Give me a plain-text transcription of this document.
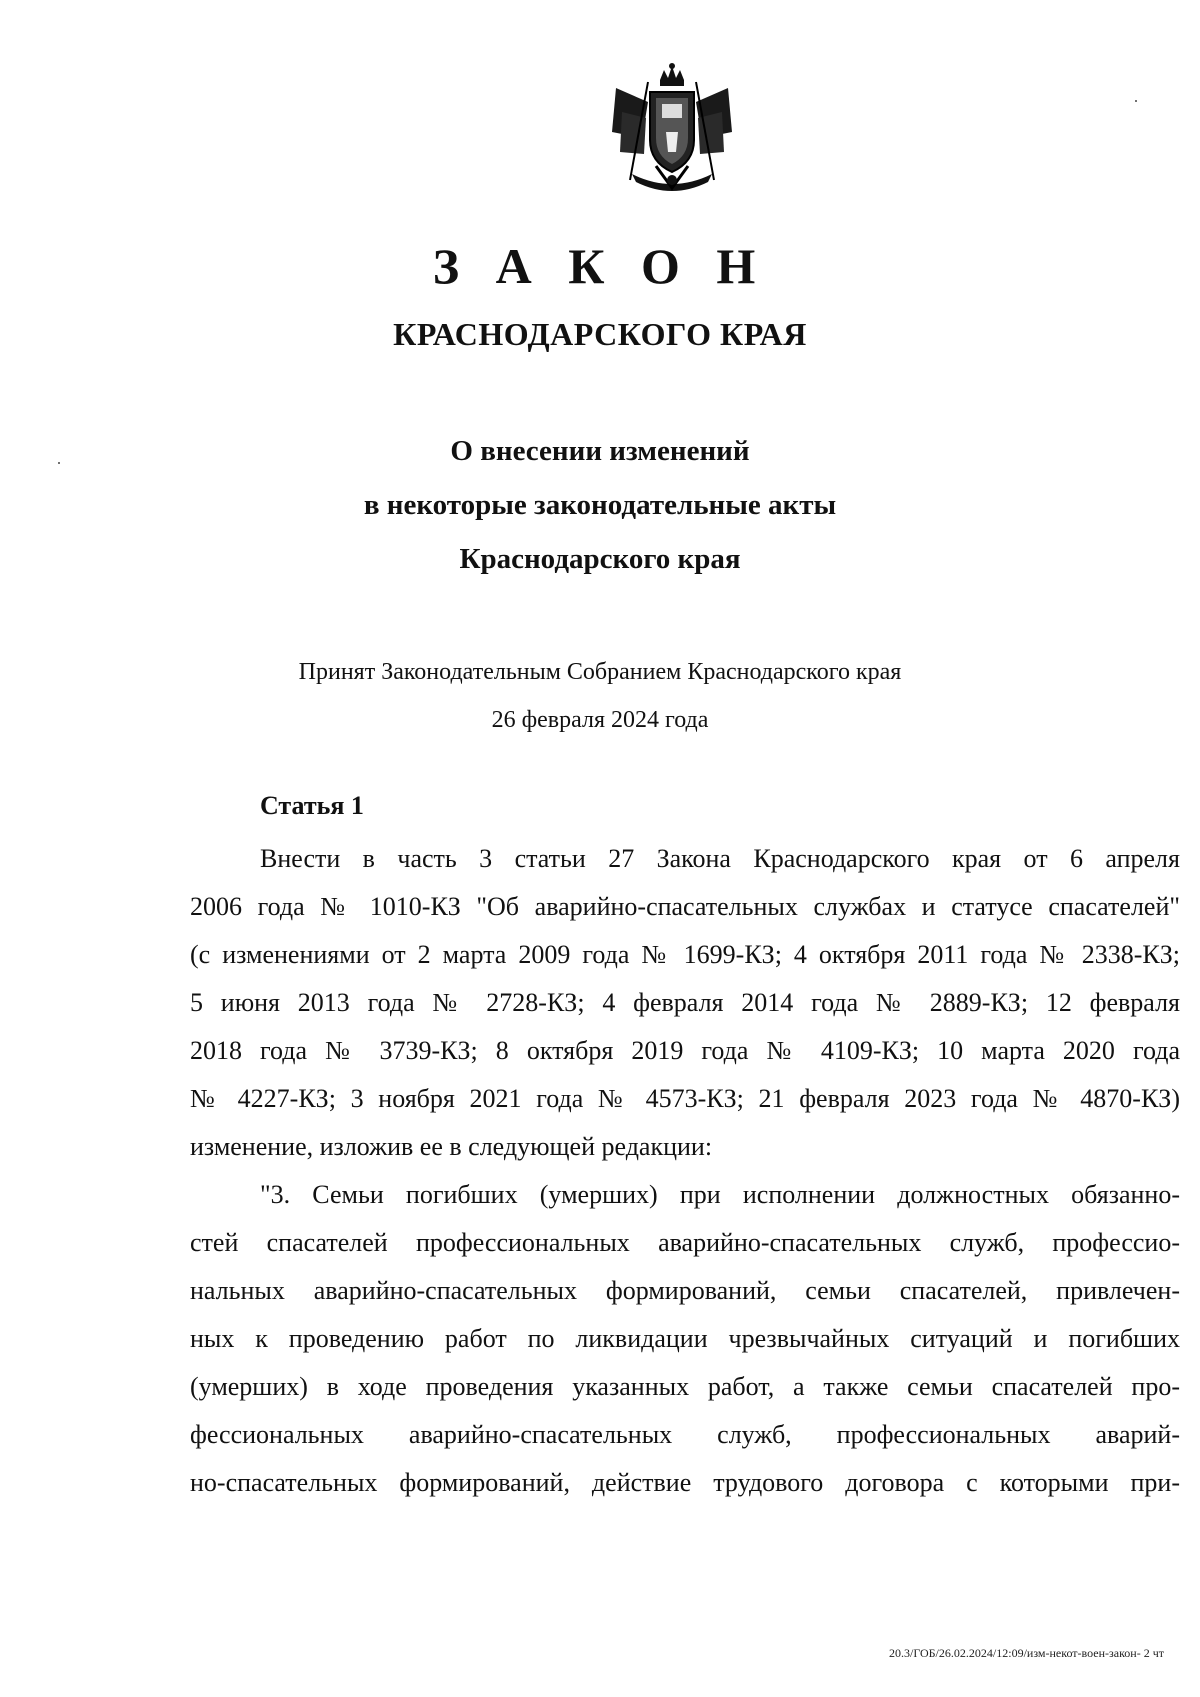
З А К О Н
КРАСНОДАРСКОГО КРАЯ
О внесении изменений
в некоторые законодательные акты
Краснодарского края
Принят Законодательным Собранием Краснодарского края
26 февраля 2024 года
Статья 1
Внести в часть 3 статьи 27 Закона Краснодарского края от 6 апреля
2006 года № 1010-КЗ "Об аварийно-спасательных службах и статусе спасателей"
(с изменениями от 2 марта 2009 года № 1699-КЗ; 4 октября 2011 года № 2338-КЗ;
5 июня 2013 года № 2728-КЗ; 4 февраля 2014 года № 2889-КЗ; 12 февраля
2018 года № 3739-КЗ; 8 октября 2019 года № 4109-КЗ; 10 марта 2020 года
№ 4227-КЗ; 3 ноября 2021 года № 4573-КЗ; 21 февраля 2023 года № 4870-КЗ)
изменение, изложив ее в следующей редакции:
"3. Семьи погибших (умерших) при исполнении должностных обязанно-
стей спасателей профессиональных аварийно-спасательных служб, профессио-
нальных аварийно-спасательных формирований, семьи спасателей, привлечен-
ных к проведению работ по ликвидации чрезвычайных ситуаций и погибших
(умерших) в ходе проведения указанных работ, а также семьи спасателей про-
фессиональных аварийно-спасательных служб, профессиональных аварий-
но-спасательных формирований, действие трудового договора с которыми при-
20.3/ГОБ/26.02.2024/12:09/изм-некот-воен-закон- 2 чт
